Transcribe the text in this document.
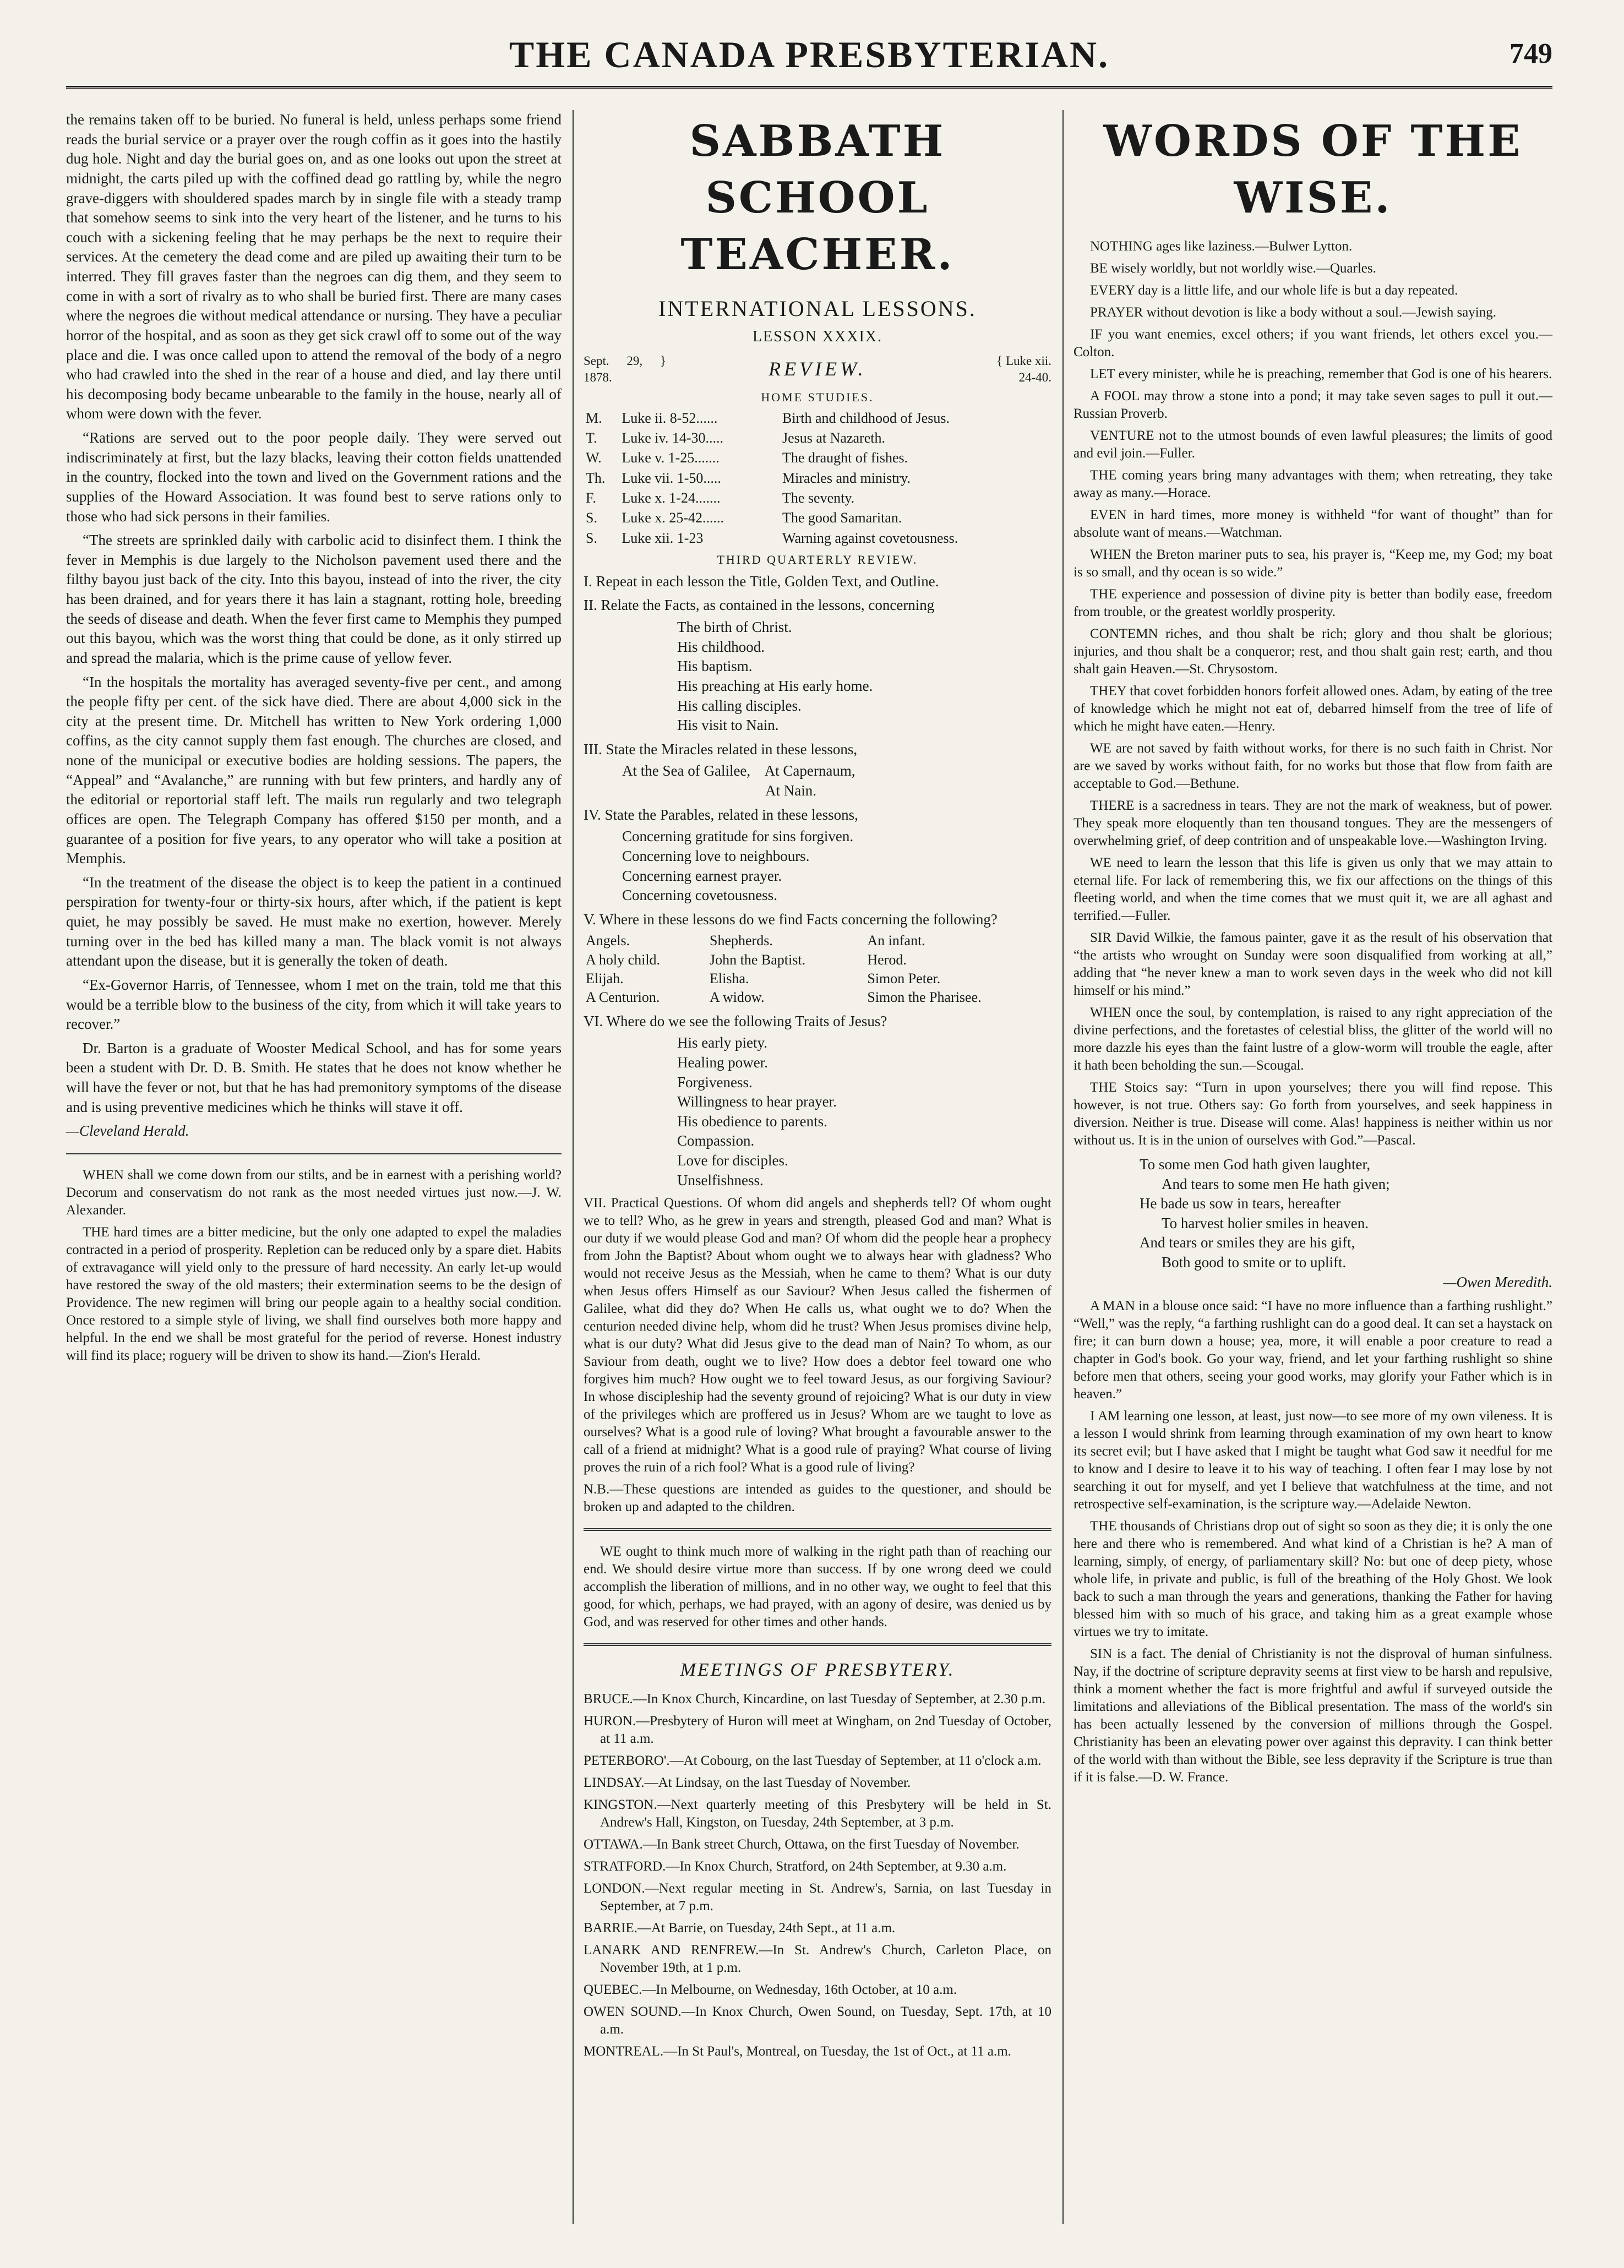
THE CANADA PRESBYTERIAN.	749

the remains taken off to be buried. No funeral is held, unless perhaps some friend reads the burial service or a prayer over the rough coffin as it goes into the hastily dug hole. Night and day the burial goes on, and as one looks out upon the street at midnight, the carts piled up with the coffined dead go rattling by, while the negro grave-diggers with shouldered spades march by in single file with a steady tramp that somehow seems to sink into the very heart of the listener, and he turns to his couch with a sickening feeling that he may perhaps be the next to require their services. At the cemetery the dead come and are piled up awaiting their turn to be interred. They fill graves faster than the negroes can dig them, and they seem to come in with a sort of rivalry as to who shall be buried first. There are many cases where the negroes die without medical attendance or nursing. They have a peculiar horror of the hospital, and as soon as they get sick crawl off to some out of the way place and die. I was once called upon to attend the removal of the body of a negro who had crawled into the shed in the rear of a house and died, and lay there until his decomposing body became unbearable to the family in the house, nearly all of whom were down with the fever.

“Rations are served out to the poor people daily. They were served out indiscriminately at first, but the lazy blacks, leaving their cotton fields unattended in the country, flocked into the town and lived on the Government rations and the supplies of the Howard Association. It was found best to serve rations only to those who had sick persons in their families.

“The streets are sprinkled daily with carbolic acid to disinfect them. I think the fever in Memphis is due largely to the Nicholson pavement used there and the filthy bayou just back of the city. Into this bayou, instead of into the river, the city has been drained, and for years there it has lain a stagnant, rotting hole, breeding the seeds of disease and death. When the fever first came to Memphis they pumped out this bayou, which was the worst thing that could be done, as it only stirred up and spread the malaria, which is the prime cause of yellow fever.

“In the hospitals the mortality has averaged seventy-five per cent., and among the people fifty per cent. of the sick have died. There are about 4,000 sick in the city at the present time. Dr. Mitchell has written to New York ordering 1,000 coffins, as the city cannot supply them fast enough. The churches are closed, and none of the municipal or executive bodies are holding sessions. The papers, the “Appeal” and “Avalanche,” are running with but few printers, and hardly any of the editorial or reportorial staff left. The mails run regularly and two telegraph offices are open. The Telegraph Company has offered $150 per month, and a guarantee of a position for five years, to any operator who will take a position at Memphis.

“In the treatment of the disease the object is to keep the patient in a continued perspiration for twenty-four or thirty-six hours, after which, if the patient is kept quiet, he may possibly be saved. He must make no exertion, however. Merely turning over in the bed has killed many a man. The black vomit is not always attendant upon the disease, but it is generally the token of death.

“Ex-Governor Harris, of Tennessee, whom I met on the train, told me that this would be a terrible blow to the business of the city, from which it will take years to recover.”

Dr. Barton is a graduate of Wooster Medical School, and has for some years been a student with Dr. D. B. Smith. He states that he does not know whether he will have the fever or not, but that he has had premonitory symptoms of the disease and is using preventive medicines which he thinks will stave it off.

—Cleveland Herald.

WHEN shall we come down from our stilts, and be in earnest with a perishing world? Decorum and conservatism do not rank as the most needed virtues just now.—J. W. Alexander.

THE hard times are a bitter medicine, but the only one adapted to expel the maladies contracted in a period of prosperity. Repletion can be reduced only by a spare diet. Habits of extravagance will yield only to the pressure of hard necessity. An early let-up would have restored the sway of the old masters; their extermination seems to be the design of Providence. The new regimen will bring our people again to a healthy social condition. Once restored to a simple style of living, we shall find ourselves both more happy and helpful. In the end we shall be most grateful for the period of reverse. Honest industry will find its place; roguery will be driven to show its hand.—Zion's Herald.

SABBATH SCHOOL TEACHER.
INTERNATIONAL LESSONS.
LESSON XXXIX.
Sept. 29, } 1878.	REVIEW.	{ Luke xii. 24-40.
HOME STUDIES.
M.	Luke ii. 8-52......	Birth and childhood of Jesus.
T.	Luke iv. 14-30.....	Jesus at Nazareth.
W.	Luke v. 1-25.......	The draught of fishes.
Th.	Luke vii. 1-50.....	Miracles and ministry.
F.	Luke x. 1-24.......	The seventy.
S.	Luke x. 25-42......	The good Samaritan.
S.	Luke xii. 1-23	Warning against covetousness.
THIRD QUARTERLY REVIEW.
I. Repeat in each lesson the Title, Golden Text, and Outline.
II. Relate the Facts, as contained in the lessons, concerning
The birth of Christ.
His childhood.
His baptism.
His preaching at His early home.
His calling disciples.
His visit to Nain.
III. State the Miracles related in these lessons,
At the Sea of Galilee,    At Capernaum,
At Nain.
IV. State the Parables, related in these lessons,
Concerning gratitude for sins forgiven.
Concerning love to neighbours.
Concerning earnest prayer.
Concerning covetousness.
V. Where in these lessons do we find Facts concerning the following?
Angels.	Shepherds.	An infant.
A holy child.	John the Baptist.	Herod.
Elijah.	Elisha.	Simon Peter.
A Centurion.	A widow.	Simon the Pharisee.
VI. Where do we see the following Traits of Jesus?
His early piety.
Healing power.
Forgiveness.
Willingness to hear prayer.
His obedience to parents.
Compassion.
Love for disciples.
Unselfishness.
VII. Practical Questions. Of whom did angels and shepherds tell? Of whom ought we to tell? Who, as he grew in years and strength, pleased God and man? What is our duty if we would please God and man? Of whom did the people hear a prophecy from John the Baptist? About whom ought we to always hear with gladness? Who would not receive Jesus as the Messiah, when he came to them? What is our duty when Jesus offers Himself as our Saviour? When Jesus called the fishermen of Galilee, what did they do? When He calls us, what ought we to do? When the centurion needed divine help, whom did he trust? When Jesus promises divine help, what is our duty? What did Jesus give to the dead man of Nain? To whom, as our Saviour from death, ought we to live? How does a debtor feel toward one who forgives him much? How ought we to feel toward Jesus, as our forgiving Saviour? In whose discipleship had the seventy ground of rejoicing? What is our duty in view of the privileges which are proffered us in Jesus? Whom are we taught to love as ourselves? What is a good rule of loving? What brought a favourable answer to the call of a friend at midnight? What is a good rule of praying? What course of living proves the ruin of a rich fool? What is a good rule of living?
N.B.—These questions are intended as guides to the questioner, and should be broken up and adapted to the children.

WE ought to think much more of walking in the right path than of reaching our end. We should desire virtue more than success. If by one wrong deed we could accomplish the liberation of millions, and in no other way, we ought to feel that this good, for which, perhaps, we had prayed, with an agony of desire, was denied us by God, and was reserved for other times and other hands.

MEETINGS OF PRESBYTERY.

BRUCE.—In Knox Church, Kincardine, on last Tuesday of September, at 2.30 p.m.

HURON.—Presbytery of Huron will meet at Wingham, on 2nd Tuesday of October, at 11 a.m.

PETERBORO'.—At Cobourg, on the last Tuesday of September, at 11 o'clock a.m.

LINDSAY.—At Lindsay, on the last Tuesday of November.

KINGSTON.—Next quarterly meeting of this Presbytery will be held in St. Andrew's Hall, Kingston, on Tuesday, 24th September, at 3 p.m.

OTTAWA.—In Bank street Church, Ottawa, on the first Tuesday of November.

STRATFORD.—In Knox Church, Stratford, on 24th September, at 9.30 a.m.

LONDON.—Next regular meeting in St. Andrew's, Sarnia, on last Tuesday in September, at 7 p.m.

BARRIE.—At Barrie, on Tuesday, 24th Sept., at 11 a.m.

LANARK AND RENFREW.—In St. Andrew's Church, Carleton Place, on November 19th, at 1 p.m.

QUEBEC.—In Melbourne, on Wednesday, 16th October, at 10 a.m.

OWEN SOUND.—In Knox Church, Owen Sound, on Tuesday, Sept. 17th, at 10 a.m.

MONTREAL.—In St Paul's, Montreal, on Tuesday, the 1st of Oct., at 11 a.m.

WORDS OF THE WISE.

NOTHING ages like laziness.—Bulwer Lytton.

BE wisely worldly, but not worldly wise.—Quarles.

EVERY day is a little life, and our whole life is but a day repeated.

PRAYER without devotion is like a body without a soul.—Jewish saying.

IF you want enemies, excel others; if you want friends, let others excel you.—Colton.

LET every minister, while he is preaching, remember that God is one of his hearers.

A FOOL may throw a stone into a pond; it may take seven sages to pull it out.—Russian Proverb.

VENTURE not to the utmost bounds of even lawful pleasures; the limits of good and evil join.—Fuller.

THE coming years bring many advantages with them; when retreating, they take away as many.—Horace.

EVEN in hard times, more money is withheld “for want of thought” than for absolute want of means.—Watchman.

WHEN the Breton mariner puts to sea, his prayer is, “Keep me, my God; my boat is so small, and thy ocean is so wide.”

THE experience and possession of divine pity is better than bodily ease, freedom from trouble, or the greatest worldly prosperity.

CONTEMN riches, and thou shalt be rich; glory and thou shalt be glorious; injuries, and thou shalt be a conqueror; rest, and thou shalt gain rest; earth, and thou shalt gain Heaven.—St. Chrysostom.

THEY that covet forbidden honors forfeit allowed ones. Adam, by eating of the tree of knowledge which he might not eat of, debarred himself from the tree of life of which he might have eaten.—Henry.

WE are not saved by faith without works, for there is no such faith in Christ. Nor are we saved by works without faith, for no works but those that flow from faith are acceptable to God.—Bethune.

THERE is a sacredness in tears. They are not the mark of weakness, but of power. They speak more eloquently than ten thousand tongues. They are the messengers of overwhelming grief, of deep contrition and of unspeakable love.—Washington Irving.

WE need to learn the lesson that this life is given us only that we may attain to eternal life. For lack of remembering this, we fix our affections on the things of this fleeting world, and when the time comes that we must quit it, we are all aghast and terrified.—Fuller.

SIR David Wilkie, the famous painter, gave it as the result of his observation that “the artists who wrought on Sunday were soon disqualified from working at all,” adding that “he never knew a man to work seven days in the week who did not kill himself or his mind.”

WHEN once the soul, by contemplation, is raised to any right appreciation of the divine perfections, and the foretastes of celestial bliss, the glitter of the world will no more dazzle his eyes than the faint lustre of a glow-worm will trouble the eagle, after it hath been beholding the sun.—Scougal.

THE Stoics say: “Turn in upon yourselves; there you will find repose. This however, is not true. Others say: Go forth from yourselves, and seek happiness in diversion. Neither is true. Disease will come. Alas! happiness is neither within us nor without us. It is in the union of ourselves with God.”—Pascal.

To some men God hath given laughter,
And tears to some men He hath given;
He bade us sow in tears, hereafter
To harvest holier smiles in heaven.
And tears or smiles they are his gift,
Both good to smite or to uplift.
—Owen Meredith.

A MAN in a blouse once said: “I have no more influence than a farthing rushlight.” “Well,” was the reply, “a farthing rushlight can do a good deal. It can set a haystack on fire; it can burn down a house; yea, more, it will enable a poor creature to read a chapter in God's book. Go your way, friend, and let your farthing rushlight so shine before men that others, seeing your good works, may glorify your Father which is in heaven.”

I AM learning one lesson, at least, just now—to see more of my own vileness. It is a lesson I would shrink from learning through examination of my own heart to know its secret evil; but I have asked that I might be taught what God saw it needful for me to know and I desire to leave it to his way of teaching. I often fear I may lose by not searching it out for myself, and yet I believe that watchfulness at the time, and not retrospective self-examination, is the scripture way.—Adelaide Newton.

THE thousands of Christians drop out of sight so soon as they die; it is only the one here and there who is remembered. And what kind of a Christian is he? A man of learning, simply, of energy, of parliamentary skill? No: but one of deep piety, whose whole life, in private and public, is full of the breathing of the Holy Ghost. We look back to such a man through the years and generations, thanking the Father for having blessed him with so much of his grace, and taking him as a great example whose virtues we try to imitate.

SIN is a fact. The denial of Christianity is not the disproval of human sinfulness. Nay, if the doctrine of scripture depravity seems at first view to be harsh and repulsive, think a moment whether the fact is more frightful and awful if surveyed outside the limitations and alleviations of the Biblical presentation. The mass of the world's sin has been actually lessened by the conversion of millions through the Gospel. Christianity has been an elevating power over against this depravity. I can think better of the world with than without the Bible, see less depravity if the Scripture is true than if it is false.—D. W. France.
